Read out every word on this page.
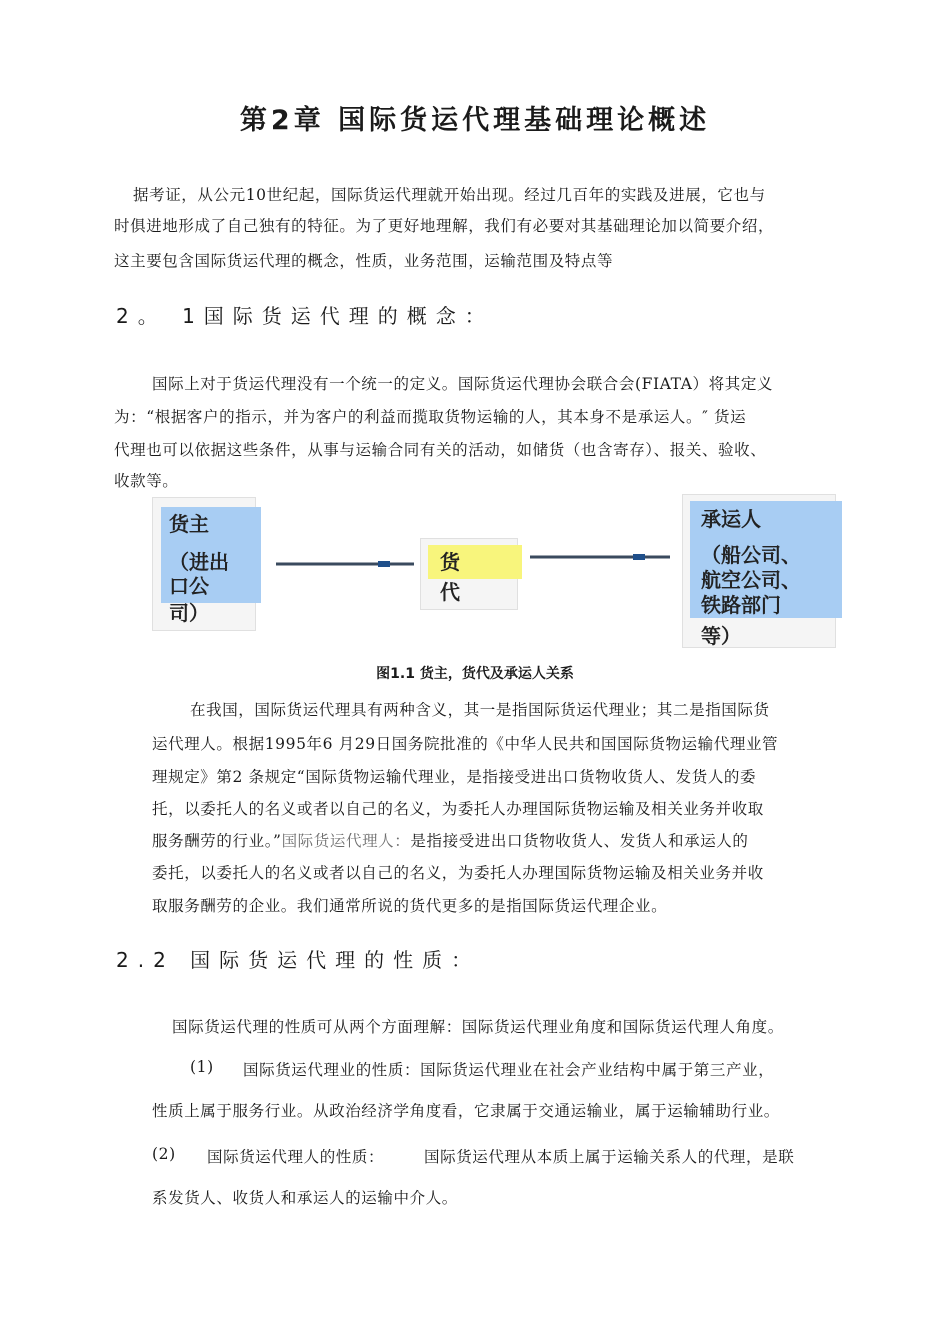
第2章 国际货运代理基础理论概述
据考证，从公元10世纪起，国际货运代理就开始出现。经过几百年的实践及进展，它也与
时俱进地形成了自己独有的特征。为了更好地理解，我们有必要对其基础理论加以简要介绍，
这主要包含国际货运代理的概念，性质，业务范围，运输范围及特点等
2。 1国际货运代理的概念：
国际上对于货运代理没有一个统一的定义。国际货运代理协会联合会(FIATA）将其定义
为：“根据客户的指示，并为客户的利益而揽取货物运输的人，其本身不是承运人。″ 货运
代理也可以依据这些条件，从事与运输合同有关的活动，如储货（也含寄存）、报关、验收、
收款等。
货主
（进出
口公
司）
货
代
承运人
（船公司、
航空公司、
铁路部门
等）
图1.1 货主，货代及承运人关系
在我国，国际货运代理具有两种含义，其一是指国际货运代理业；其二是指国际货
运代理人。根据1995年6 月29日国务院批准的《中华人民共和国国际货物运输代理业管
理规定》第2 条规定“国际货物运输代理业，是指接受进出口货物收货人、发货人的委
托，以委托人的名义或者以自己的名义，为委托人办理国际货物运输及相关业务并收取
服务酬劳的行业。”国际货运代理人：是指接受进出口货物收货人、发货人和承运人的
委托，以委托人的名义或者以自己的名义，为委托人办理国际货物运输及相关业务并收
取服务酬劳的企业。我们通常所说的货代更多的是指国际货运代理企业。
2.2 国际货运代理的性质：
国际货运代理的性质可从两个方面理解：国际货运代理业角度和国际货运代理人角度。
(1) 国际货运代理业的性质：国际货运代理业在社会产业结构中属于第三产业，
性质上属于服务行业。从政治经济学角度看，它隶属于交通运输业，属于运输辅助行业。
(2) 国际货运代理人的性质：	国际货运代理从本质上属于运输关系人的代理，是联
系发货人、收货人和承运人的运输中介人。
